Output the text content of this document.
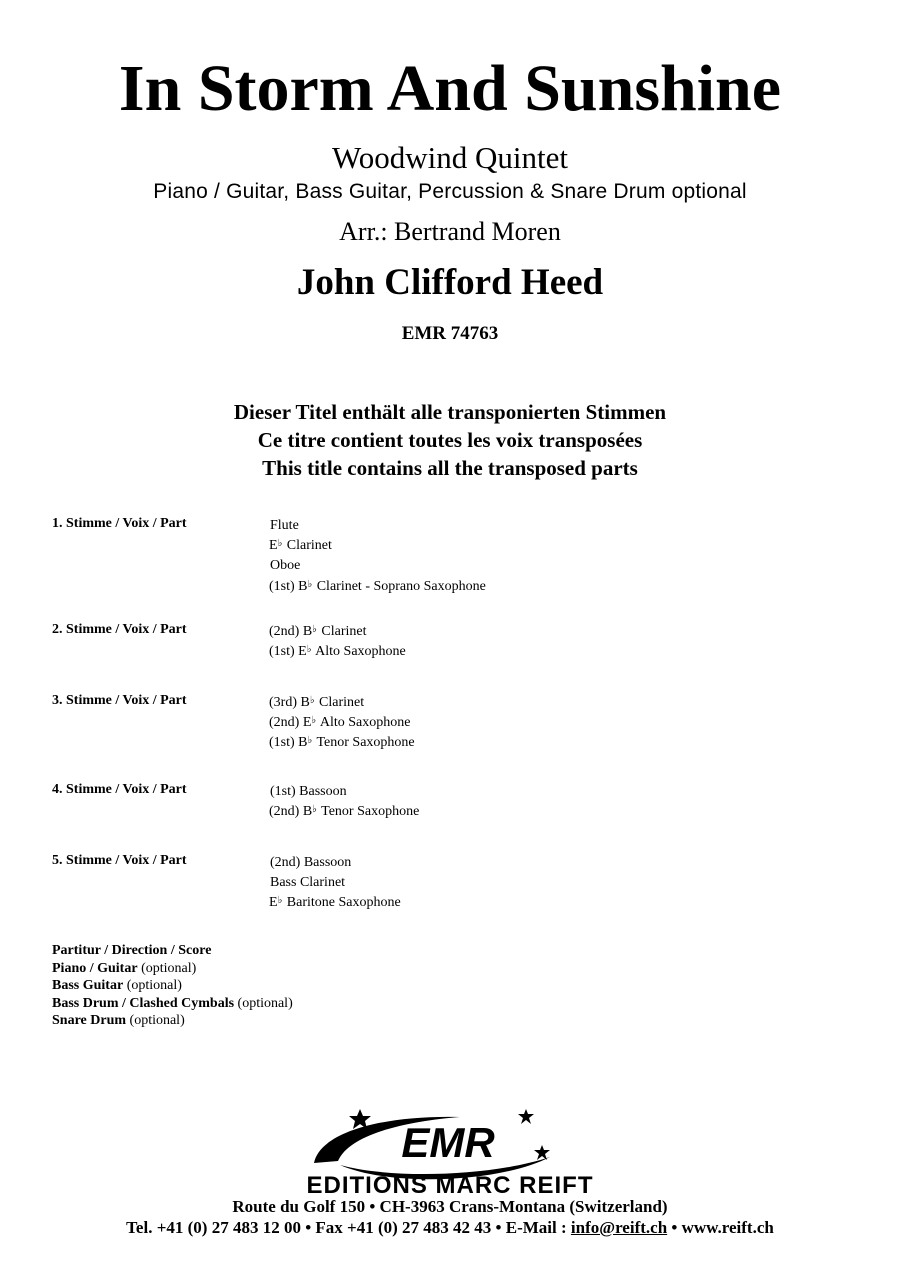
In Storm And Sunshine
Woodwind Quintet
Piano / Guitar, Bass Guitar, Percussion & Snare Drum optional
Arr.: Bertrand Moren
John Clifford Heed
EMR 74763
Dieser Titel enthält alle transponierten Stimmen
Ce titre contient toutes les voix transposées
This title contains all the transposed parts
1. Stimme / Voix / Part	Flute
E♭ Clarinet
Oboe
(1st) B♭ Clarinet - Soprano Saxophone
2. Stimme / Voix / Part	(2nd) B♭ Clarinet
(1st) E♭ Alto Saxophone
3. Stimme / Voix / Part	(3rd) B♭ Clarinet
(2nd) E♭ Alto Saxophone
(1st) B♭ Tenor Saxophone
4. Stimme / Voix / Part	(1st) Bassoon
(2nd) B♭ Tenor Saxophone
5. Stimme / Voix / Part	(2nd) Bassoon
Bass Clarinet
E♭ Baritone Saxophone
Partitur / Direction / Score
Piano / Guitar (optional)
Bass Guitar (optional)
Bass Drum / Clashed Cymbals (optional)
Snare Drum (optional)
EMR
EDITIONS MARC REIFT
Route du Golf 150 • CH-3963 Crans-Montana (Switzerland)
Tel. +41 (0) 27 483 12 00 • Fax +41 (0) 27 483 42 43 • E-Mail : info@reift.ch • www.reift.ch
